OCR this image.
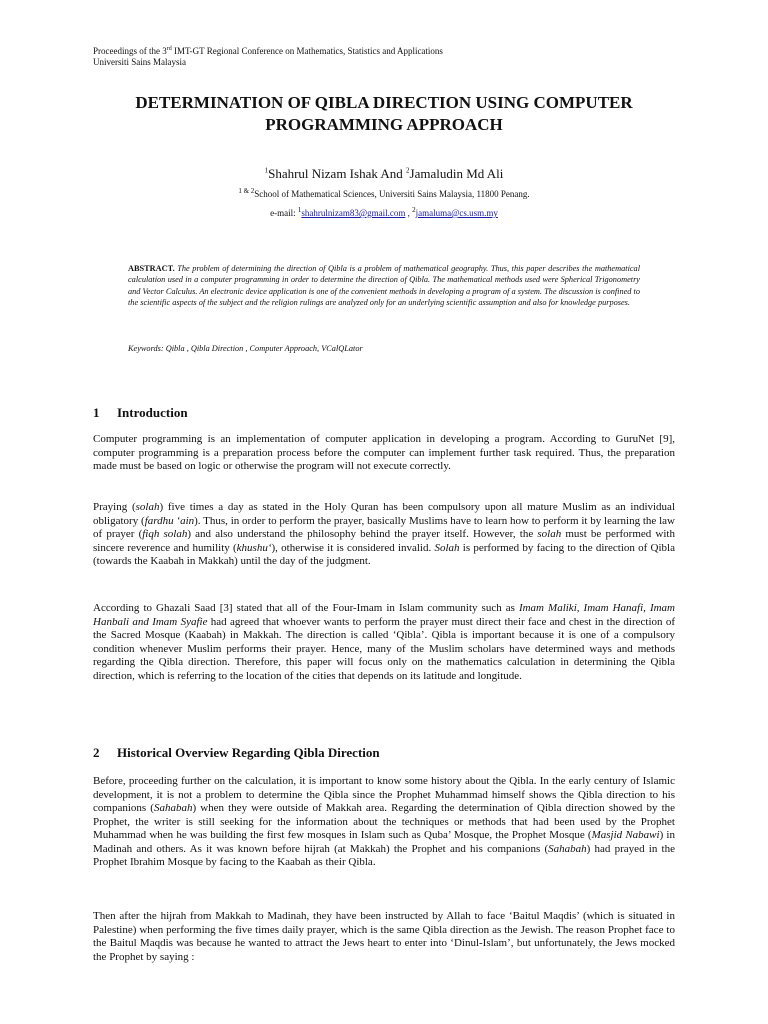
Proceedings of the 3rd IMT-GT Regional Conference on Mathematics, Statistics and Applications
Universiti Sains Malaysia
DETERMINATION OF QIBLA DIRECTION USING COMPUTER
PROGRAMMING APPROACH
$^1$Shahrul Nizam Ishak And $^2$Jamaludin Md Ali
$^{1 \& 2}$School of Mathematical Sciences, Universiti Sains Malaysia, 11800 Penang.
e-mail: $^1$shahrulnizam83@gmail.com , $^2$jamaluma@cs.usm.my
ABSTRACT. The problem of determining the direction of Qibla is a problem of mathematical geography. Thus, this paper describes the mathematical calculation used in a computer programming in order to determine the direction of Qibla. The mathematical methods used were Spherical Trigonometry and Vector Calculus. An electronic device application is one of the convenient methods in developing a program of a system. The discussion is confined to the scientific aspects of the subject and the religion rulings are analyzed only for an underlying scientific assumption and also for knowledge purposes.
Keywords: Qibla , Qibla Direction , Computer Approach, VCalQLator
1 Introduction

Computer programming is an implementation of computer application in developing a program. According to GuruNet [9], computer programming is a preparation process before the computer can implement further task required. Thus, the preparation made must be based on logic or otherwise the program will not execute correctly.

Praying (solah) five times a day as stated in the Holy Quran has been compulsory upon all mature Muslim as an individual obligatory (fardhu ‘ain). Thus, in order to perform the prayer, basically Muslims have to learn how to perform it by learning the law of prayer (fiqh solah) and also understand the philosophy behind the prayer itself. However, the solah must be performed with sincere reverence and humility (khushu‘), otherwise it is considered invalid. Solah is performed by facing to the direction of Qibla (towards the Kaabah in Makkah) until the day of the judgment.

According to Ghazali Saad [3] stated that all of the Four-Imam in Islam community such as Imam Maliki, Imam Hanafi, Imam Hanbali and Imam Syafie had agreed that whoever wants to perform the prayer must direct their face and chest in the direction of the Sacred Mosque (Kaabah) in Makkah. The direction is called ‘Qibla’. Qibla is important because it is one of a compulsory condition whenever Muslim performs their prayer. Hence, many of the Muslim scholars have determined ways and methods regarding the Qibla direction. Therefore, this paper will focus only on the mathematics calculation in determining the Qibla direction, which is referring to the location of the cities that depends on its latitude and longitude.

2 Historical Overview Regarding Qibla Direction

Before, proceeding further on the calculation, it is important to know some history about the Qibla. In the early century of Islamic development, it is not a problem to determine the Qibla since the Prophet Muhammad himself shows the Qibla direction to his companions (Sahabah) when they were outside of Makkah area. Regarding the determination of Qibla direction showed by the Prophet, the writer is still seeking for the information about the techniques or methods that had been used by the Prophet Muhammad when he was building the first few mosques in Islam such as Quba’ Mosque, the Prophet Mosque (Masjid Nabawi) in Madinah and others. As it was known before hijrah (at Makkah) the Prophet and his companions (Sahabah) had prayed in the Prophet Ibrahim Mosque by facing to the Kaabah as their Qibla.

Then after the hijrah from Makkah to Madinah, they have been instructed by Allah to face ‘Baitul Maqdis’ (which is situated in Palestine) when performing the five times daily prayer, which is the same Qibla direction as the Jewish. The reason Prophet face to the Baitul Maqdis was because he wanted to attract the Jews heart to enter into ‘Dinul-Islam’, but unfortunately, the Jews mocked the Prophet by saying :
